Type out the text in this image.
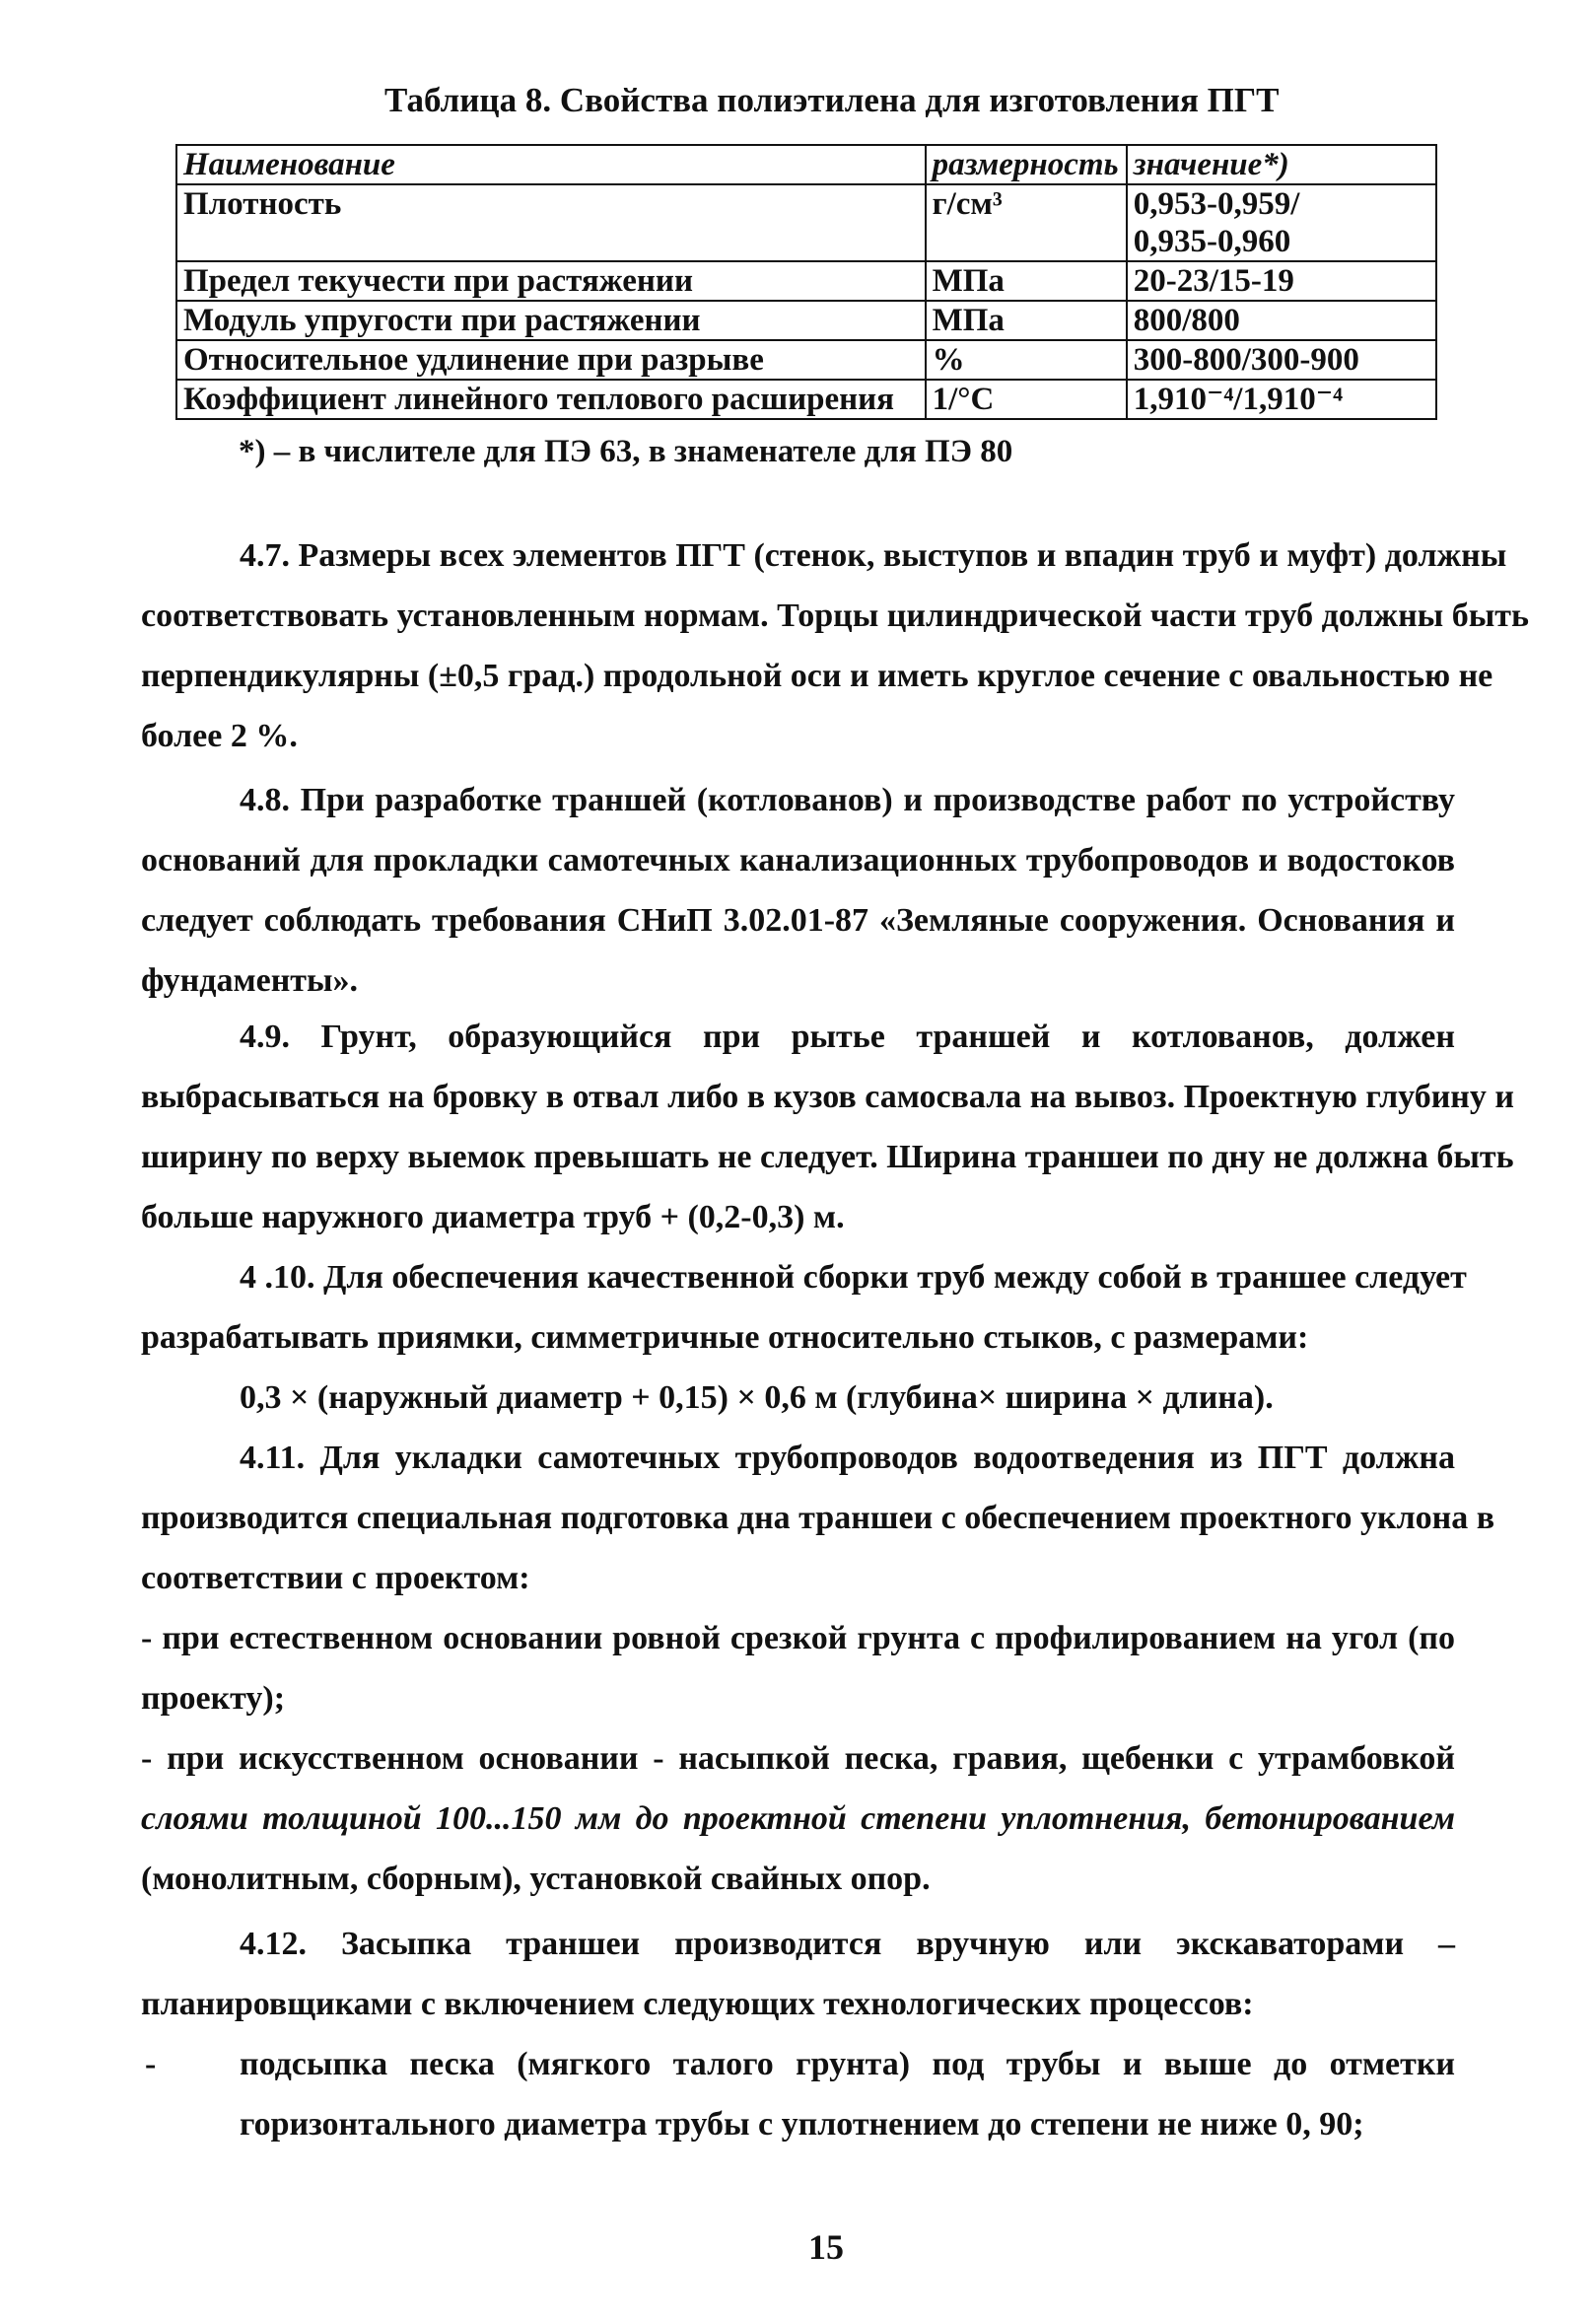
Таблица 8. Свойства полиэтилена для изготовления ПГТ
Наименование	размерность	значение*)
Плотность	г/см³	0,953-0,959/
0,935-0,960

Предел текучести при растяжении	МПа	20-23/15-19
Модуль упругости при растяжении	МПа	800/800
Относительное удлинение при разрыве	%	300-800/300-900
Коэффициент линейного теплового расширения	1/°С	1,910⁻⁴/1,910⁻⁴
*) – в числителе для ПЭ 63, в знаменателе для ПЭ 80
4.7. Размеры всех элементов ПГТ (стенок, выступов и впадин труб и муфт) должны
соответствовать установленным нормам. Торцы цилиндрической части труб должны быть
перпендикулярны (±0,5 град.) продольной оси и иметь круглое сечение с овальностью не
более 2 %.
4.8. При разработке траншей (котлованов) и производстве работ по устройству
оснований для прокладки самотечных канализационных трубопроводов и водостоков
следует соблюдать требования СНиП 3.02.01-87 «Земляные сооружения. Основания и
фундаменты».
4.9. Грунт, образующийся при рытье траншей и котлованов, должен
выбрасываться на бровку в отвал либо в кузов самосвала на вывоз. Проектную глубину и
ширину по верху выемок превышать не следует. Ширина траншеи по дну не должна быть
больше наружного диаметра труб + (0,2-0,3) м.
4 .10. Для обеспечения качественной сборки труб между собой в траншее следует
разрабатывать приямки, симметричные относительно стыков, с размерами:
0,3 × (наружный диаметр + 0,15) × 0,6 м (глубина× ширина × длина).
4.11. Для укладки самотечных трубопроводов водоотведения из ПГТ должна
производится специальная подготовка дна траншеи с обеспечением проектного уклона в
соответствии с проектом:
- при естественном основании ровной срезкой грунта с профилированием на угол (по
проекту);
- при искусственном основании - насыпкой песка, гравия, щебенки с утрамбовкой
слоями толщиной 100...150 мм до проектной степени уплотнения, бетонированием
(монолитным, сборным), установкой свайных опор.
4.12. Засыпка траншеи производится вручную или экскаваторами –
планировщиками с включением следующих технологических процессов:
- подсыпка песка (мягкого талого грунта) под трубы и выше до отметки
горизонтального диаметра трубы с уплотнением до степени не ниже 0, 90;
15
